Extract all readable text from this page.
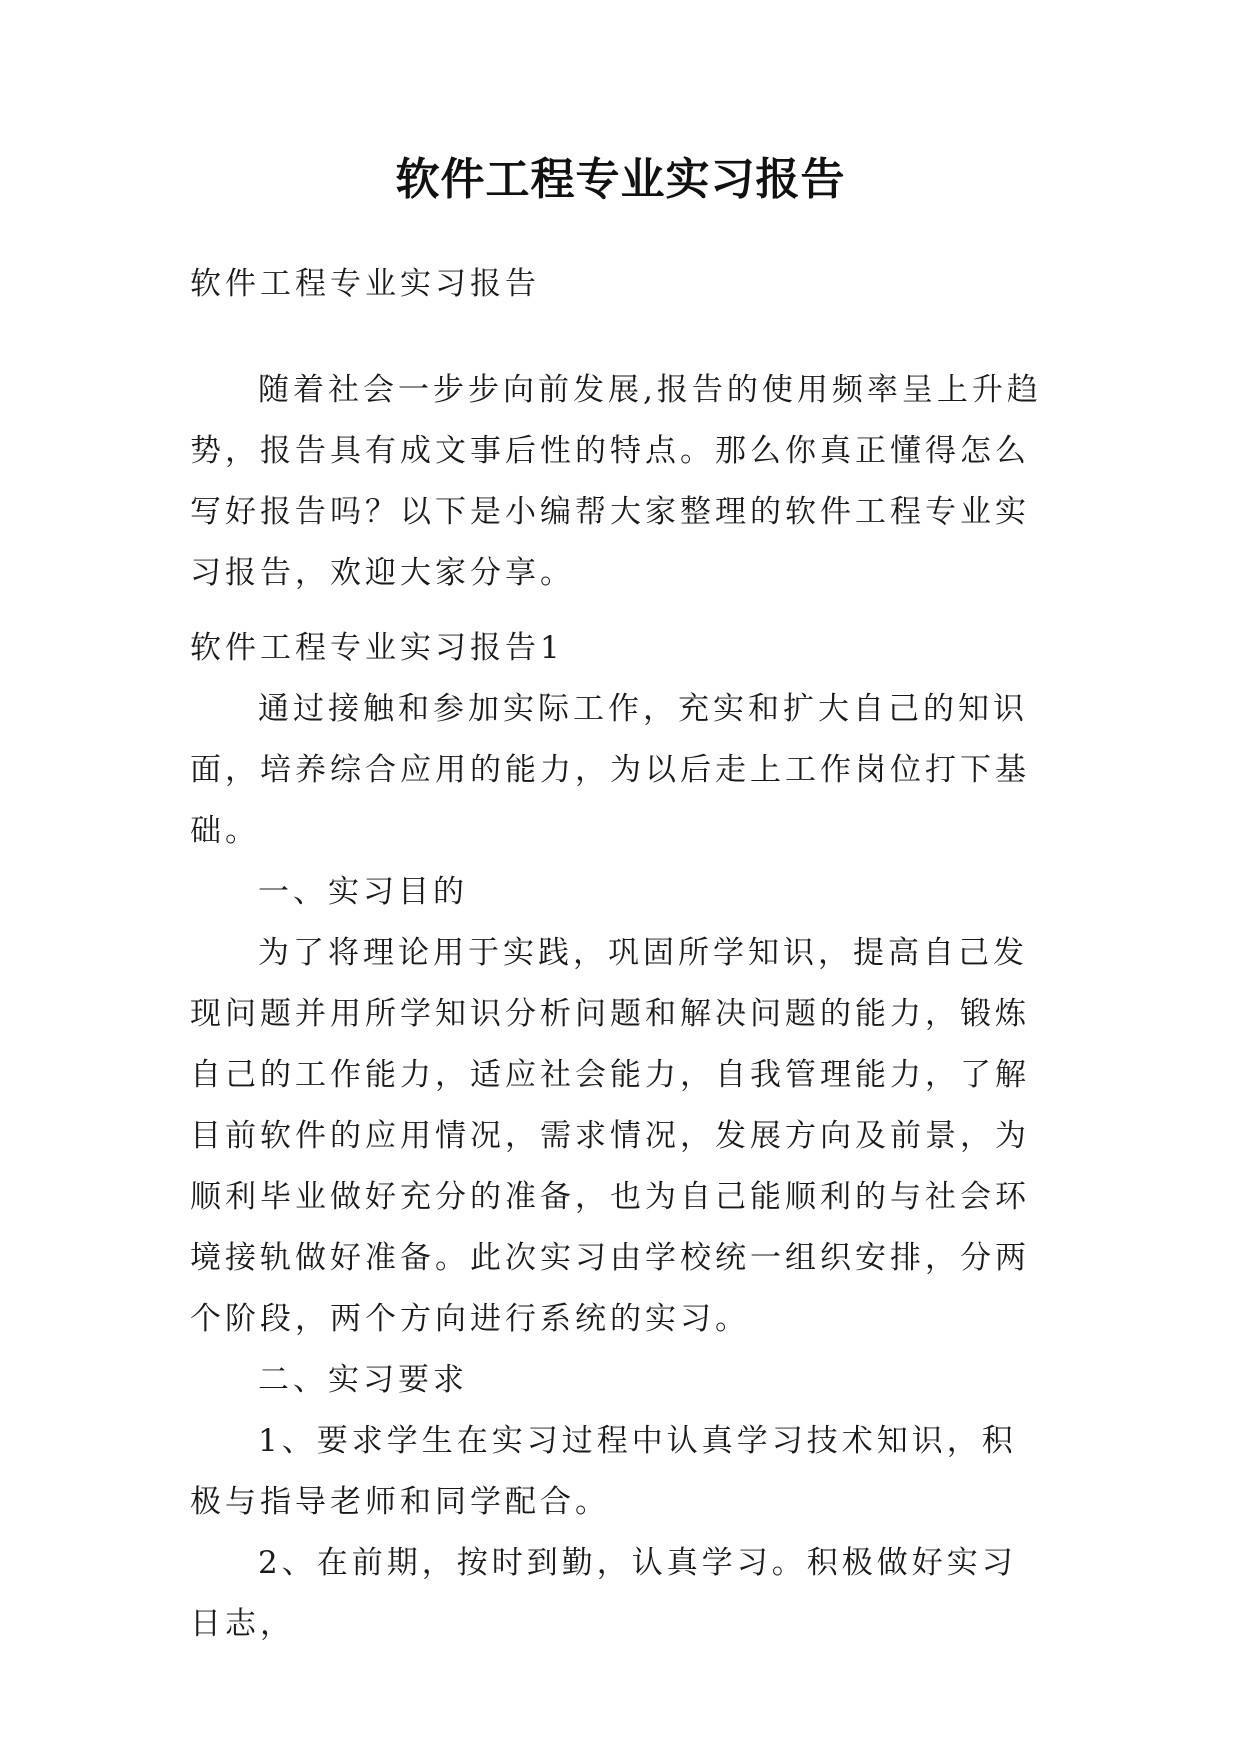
软件工程专业实习报告

软件工程专业实习报告

随着社会一步步向前发展,报告的使用频率呈上升趋势，报告具有成文事后性的特点。那么你真正懂得怎么写好报告吗？以下是小编帮大家整理的软件工程专业实习报告，欢迎大家分享。

软件工程专业实习报告1

通过接触和参加实际工作，充实和扩大自己的知识面，培养综合应用的能力，为以后走上工作岗位打下基础。

一、实习目的

为了将理论用于实践，巩固所学知识，提高自己发现问题并用所学知识分析问题和解决问题的能力，锻炼自己的工作能力，适应社会能力，自我管理能力，了解目前软件的应用情况，需求情况，发展方向及前景，为顺利毕业做好充分的准备，也为自己能顺利的与社会环境接轨做好准备。此次实习由学校统一组织安排，分两个阶段，两个方向进行系统的实习。

二、实习要求

1、要求学生在实习过程中认真学习技术知识，积极与指导老师和同学配合。

2、在前期，按时到勤，认真学习。积极做好实习日志，
